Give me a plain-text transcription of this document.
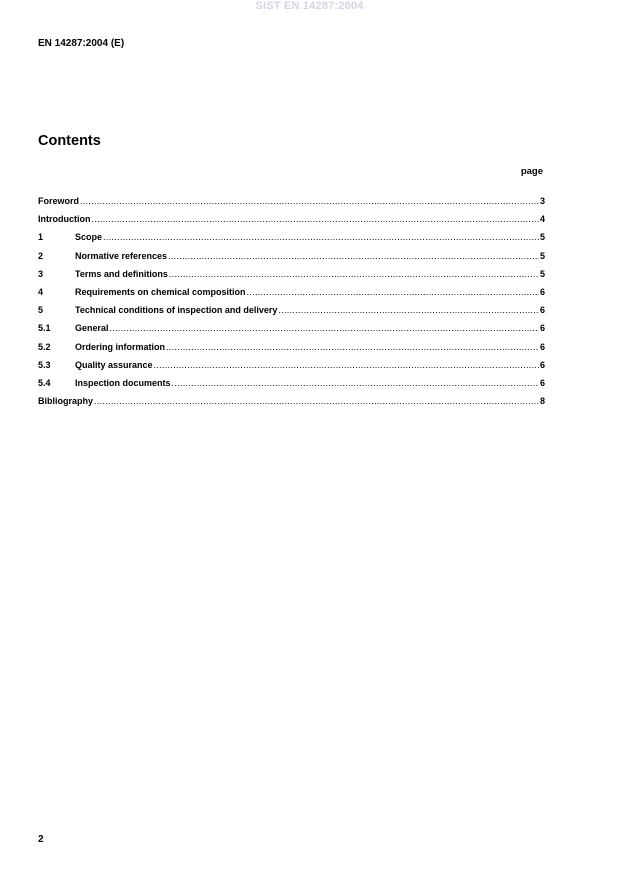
SIST EN 14287:2004
EN 14287:2004 (E)
Contents
page
Foreword .....	3
Introduction .....	4
1	Scope .....	5
2	Normative references .....	5
3	Terms and definitions .....	5
4	Requirements on chemical composition .....	6
5	Technical conditions of inspection and delivery .....	6
5.1	General .....	6
5.2	Ordering information .....	6
5.3	Quality assurance .....	6
5.4	Inspection documents .....	6
Bibliography .....	8
2
